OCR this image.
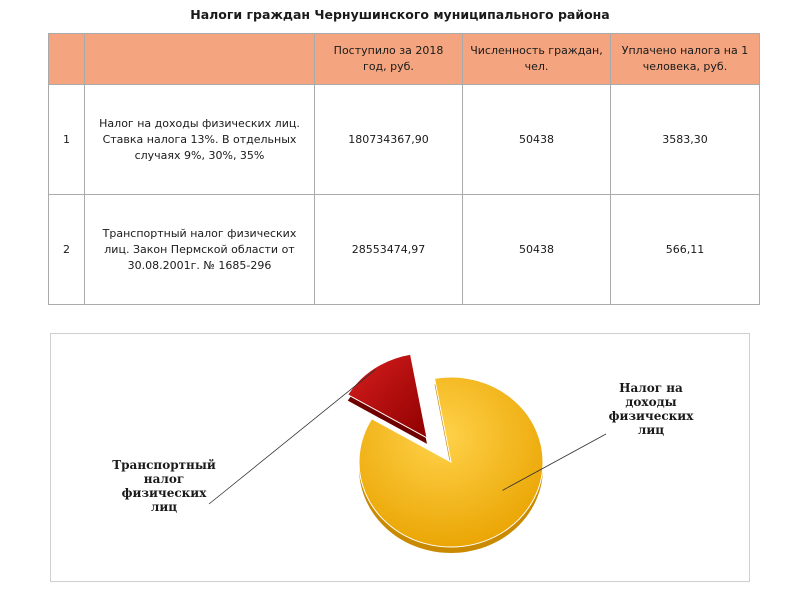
Налоги граждан Чернушинского муниципального района
		Поступило за 2018 год, руб.	Численность граждан, чел.	Уплачено налога на 1 человека, руб.
1	Налог на доходы физических лиц. Ставка налога 13%. В отдельных случаях 9%, 30%, 35%	180734367,90	50438	3583,30
2	Транспортный налог физических лиц. Закон Пермской области от 30.08.2001г. № 1685-296	28553474,97	50438	566,11
Налог на доходы физических лиц
Транспортный налог физических лиц
